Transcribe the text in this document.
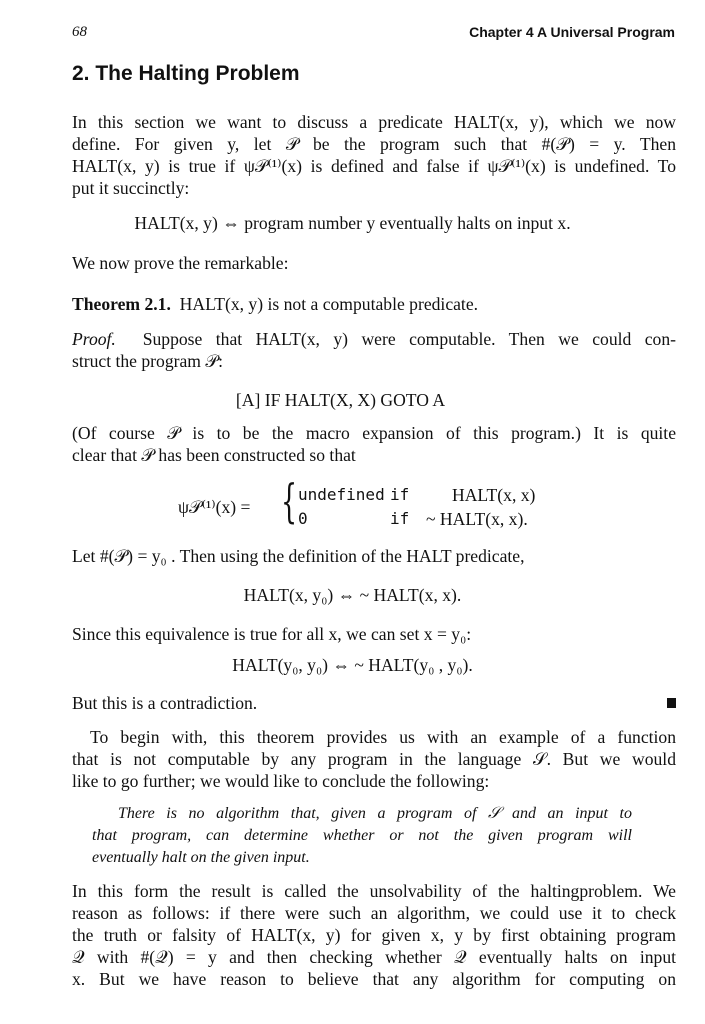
68	Chapter 4 A Universal Program
2. The Halting Problem
In this section we want to discuss a predicate HALT(x, y), which we now
define. For given y, let 𝒫 be the program such that #(𝒫) = y. Then
HALT(x, y) is true if ψ𝒫⁽¹⁾(x) is defined and false if ψ𝒫⁽¹⁾(x) is undefined. To
put it succinctly:
HALT(x, y) ⇔ program number y eventually halts on input x.
We now prove the remarkable:
Theorem 2.1. HALT(x, y) is not a computable predicate.
Proof. Suppose that HALT(x, y) were computable. Then we could con-
struct the program 𝒫:
[A] IF HALT(X, X) GOTO A
(Of course 𝒫 is to be the macro expansion of this program.) It is quite
clear that 𝒫 has been constructed so that
ψ𝒫⁽¹⁾(x) = { undefined if HALT(x, x)
0	if ~ HALT(x, x).
Let #(𝒫) = y₀ . Then using the definition of the HALT predicate,
HALT(x, y₀) ⇔ ~ HALT(x, x).
Since this equivalence is true for all x, we can set x = y₀:
HALT(y₀, y₀) ⇔ ~ HALT(y₀ , y₀).
But this is a contradiction.
To begin with, this theorem provides us with an example of a function
that is not computable by any program in the language 𝒮. But we would
like to go further; we would like to conclude the following:
There is no algorithm that, given a program of 𝒮 and an input to
that program, can determine whether or not the given program will
eventually halt on the given input.
In this form the result is called the unsolvability of the haltingproblem. We
reason as follows: if there were such an algorithm, we could use it to check
the truth or falsity of HALT(x, y) for given x, y by first obtaining program
𝒬 with #(𝒬) = y and then checking whether 𝒬 eventually halts on input
x. But we have reason to believe that any algorithm for computing on
